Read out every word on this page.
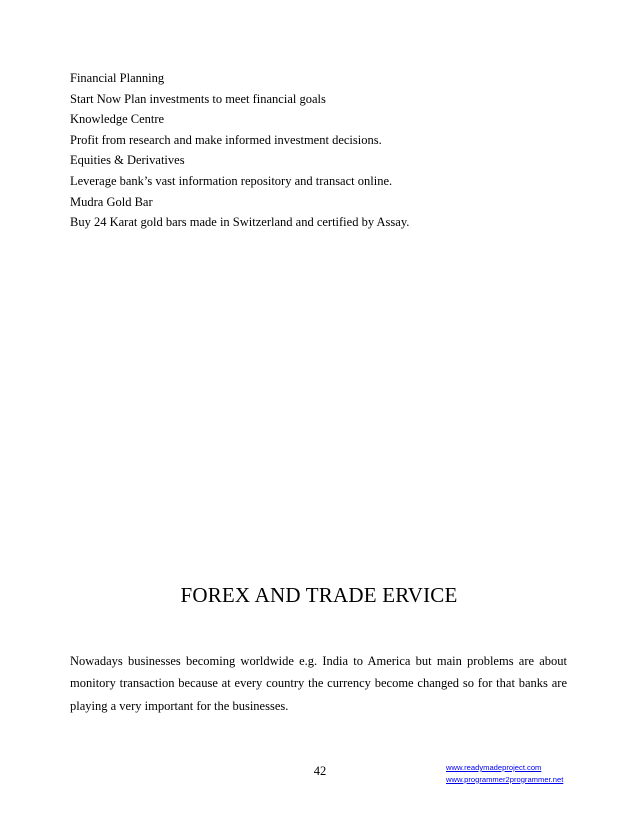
Financial Planning
Start Now Plan investments to meet financial goals
Knowledge Centre
Profit from research and make informed investment decisions.
Equities & Derivatives
Leverage bank’s vast information repository and transact online.
Mudra Gold Bar
Buy 24 Karat gold bars made in Switzerland and certified by Assay.
FOREX AND TRADE ERVICE
Nowadays businesses becoming worldwide e.g. India to America but main problems are about monitory transaction because at every country the currency become changed so for that banks are playing a very important for the businesses.
42	www.readymadeproject.com
www.programmer2programmer.net
